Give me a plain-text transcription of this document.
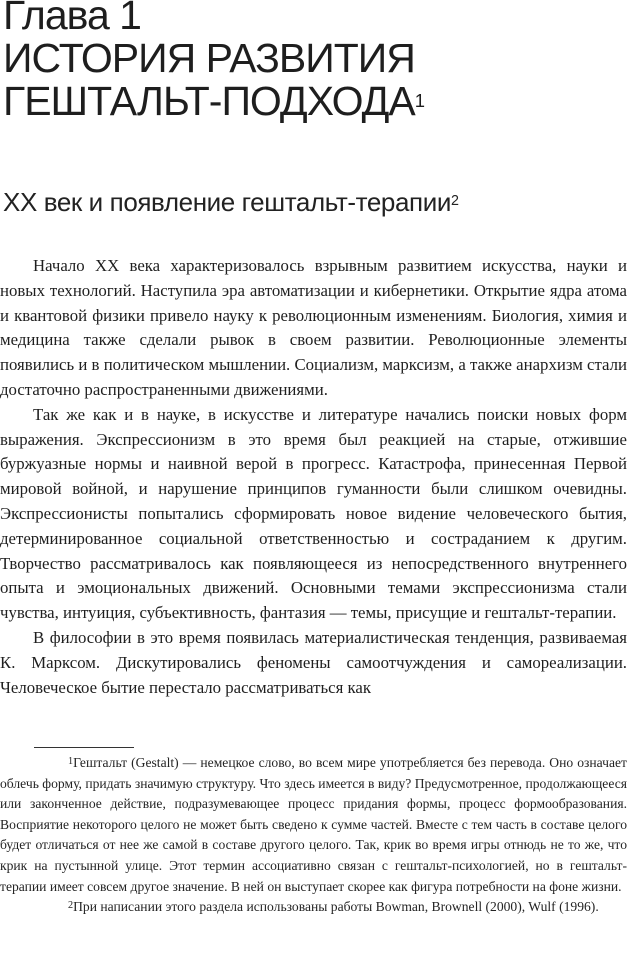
Глава 1
ИСТОРИЯ РАЗВИТИЯ
ГЕШТАЛЬТ-ПОДХОДА$^1$
XX век и появление гештальт-терапии$^2$

Начало XX века характеризовалось взрывным развитием искусства, науки и новых технологий. Наступила эра автоматизации и кибернетики. Открытие ядра атома и квантовой физики привело науку к революционным изменениям. Биология, химия и медицина также сделали рывок в своем развитии. Революционные элементы появились и в политическом мышлении. Социализм, марксизм, а также анархизм стали достаточно распространенными движениями.

Так же как и в науке, в искусстве и литературе начались поиски новых форм выражения. Экспрессионизм в это время был реакцией на старые, отжившие буржуазные нормы и наивной верой в прогресс. Катастрофа, принесенная Первой мировой войной, и нарушение принципов гуманности были слишком очевидны. Экспрессионисты попытались сформировать новое видение человеческого бытия, детерминированное социальной ответственностью и состраданием к другим. Творчество рассматривалось как появляющееся из непосредственного внутреннего опыта и эмоциональных движений. Основными темами экспрессионизма стали чувства, интуиция, субъективность, фантазия — темы, присущие и гештальт-терапии.

В философии в это время появилась материалистическая тенденция, развиваемая К. Марксом. Дискутировались феномены самоотчуждения и самореализации. Человеческое бытие перестало рассматриваться как

1Гештальт (Gestalt) — немецкое слово, во всем мире употребляется без перевода. Оно означает облечь форму, придать значимую структуру. Что здесь имеется в виду? Предусмотренное, продолжающееся или законченное действие, подразумевающее процесс придания формы, процесс формообразования. Восприятие некоторого целого не может быть сведено к сумме частей. Вместе с тем часть в составе целого будет отличаться от нее же самой в составе другого целого. Так, крик во время игры отнюдь не то же, что крик на пустынной улице. Этот термин ассоциативно связан с гештальт-психологией, но в гештальт-терапии имеет совсем другое значение. В ней он выступает скорее как фигура потребности на фоне жизни.

2При написании этого раздела использованы работы Bowman, Brownell (2000), Wulf (1996).
